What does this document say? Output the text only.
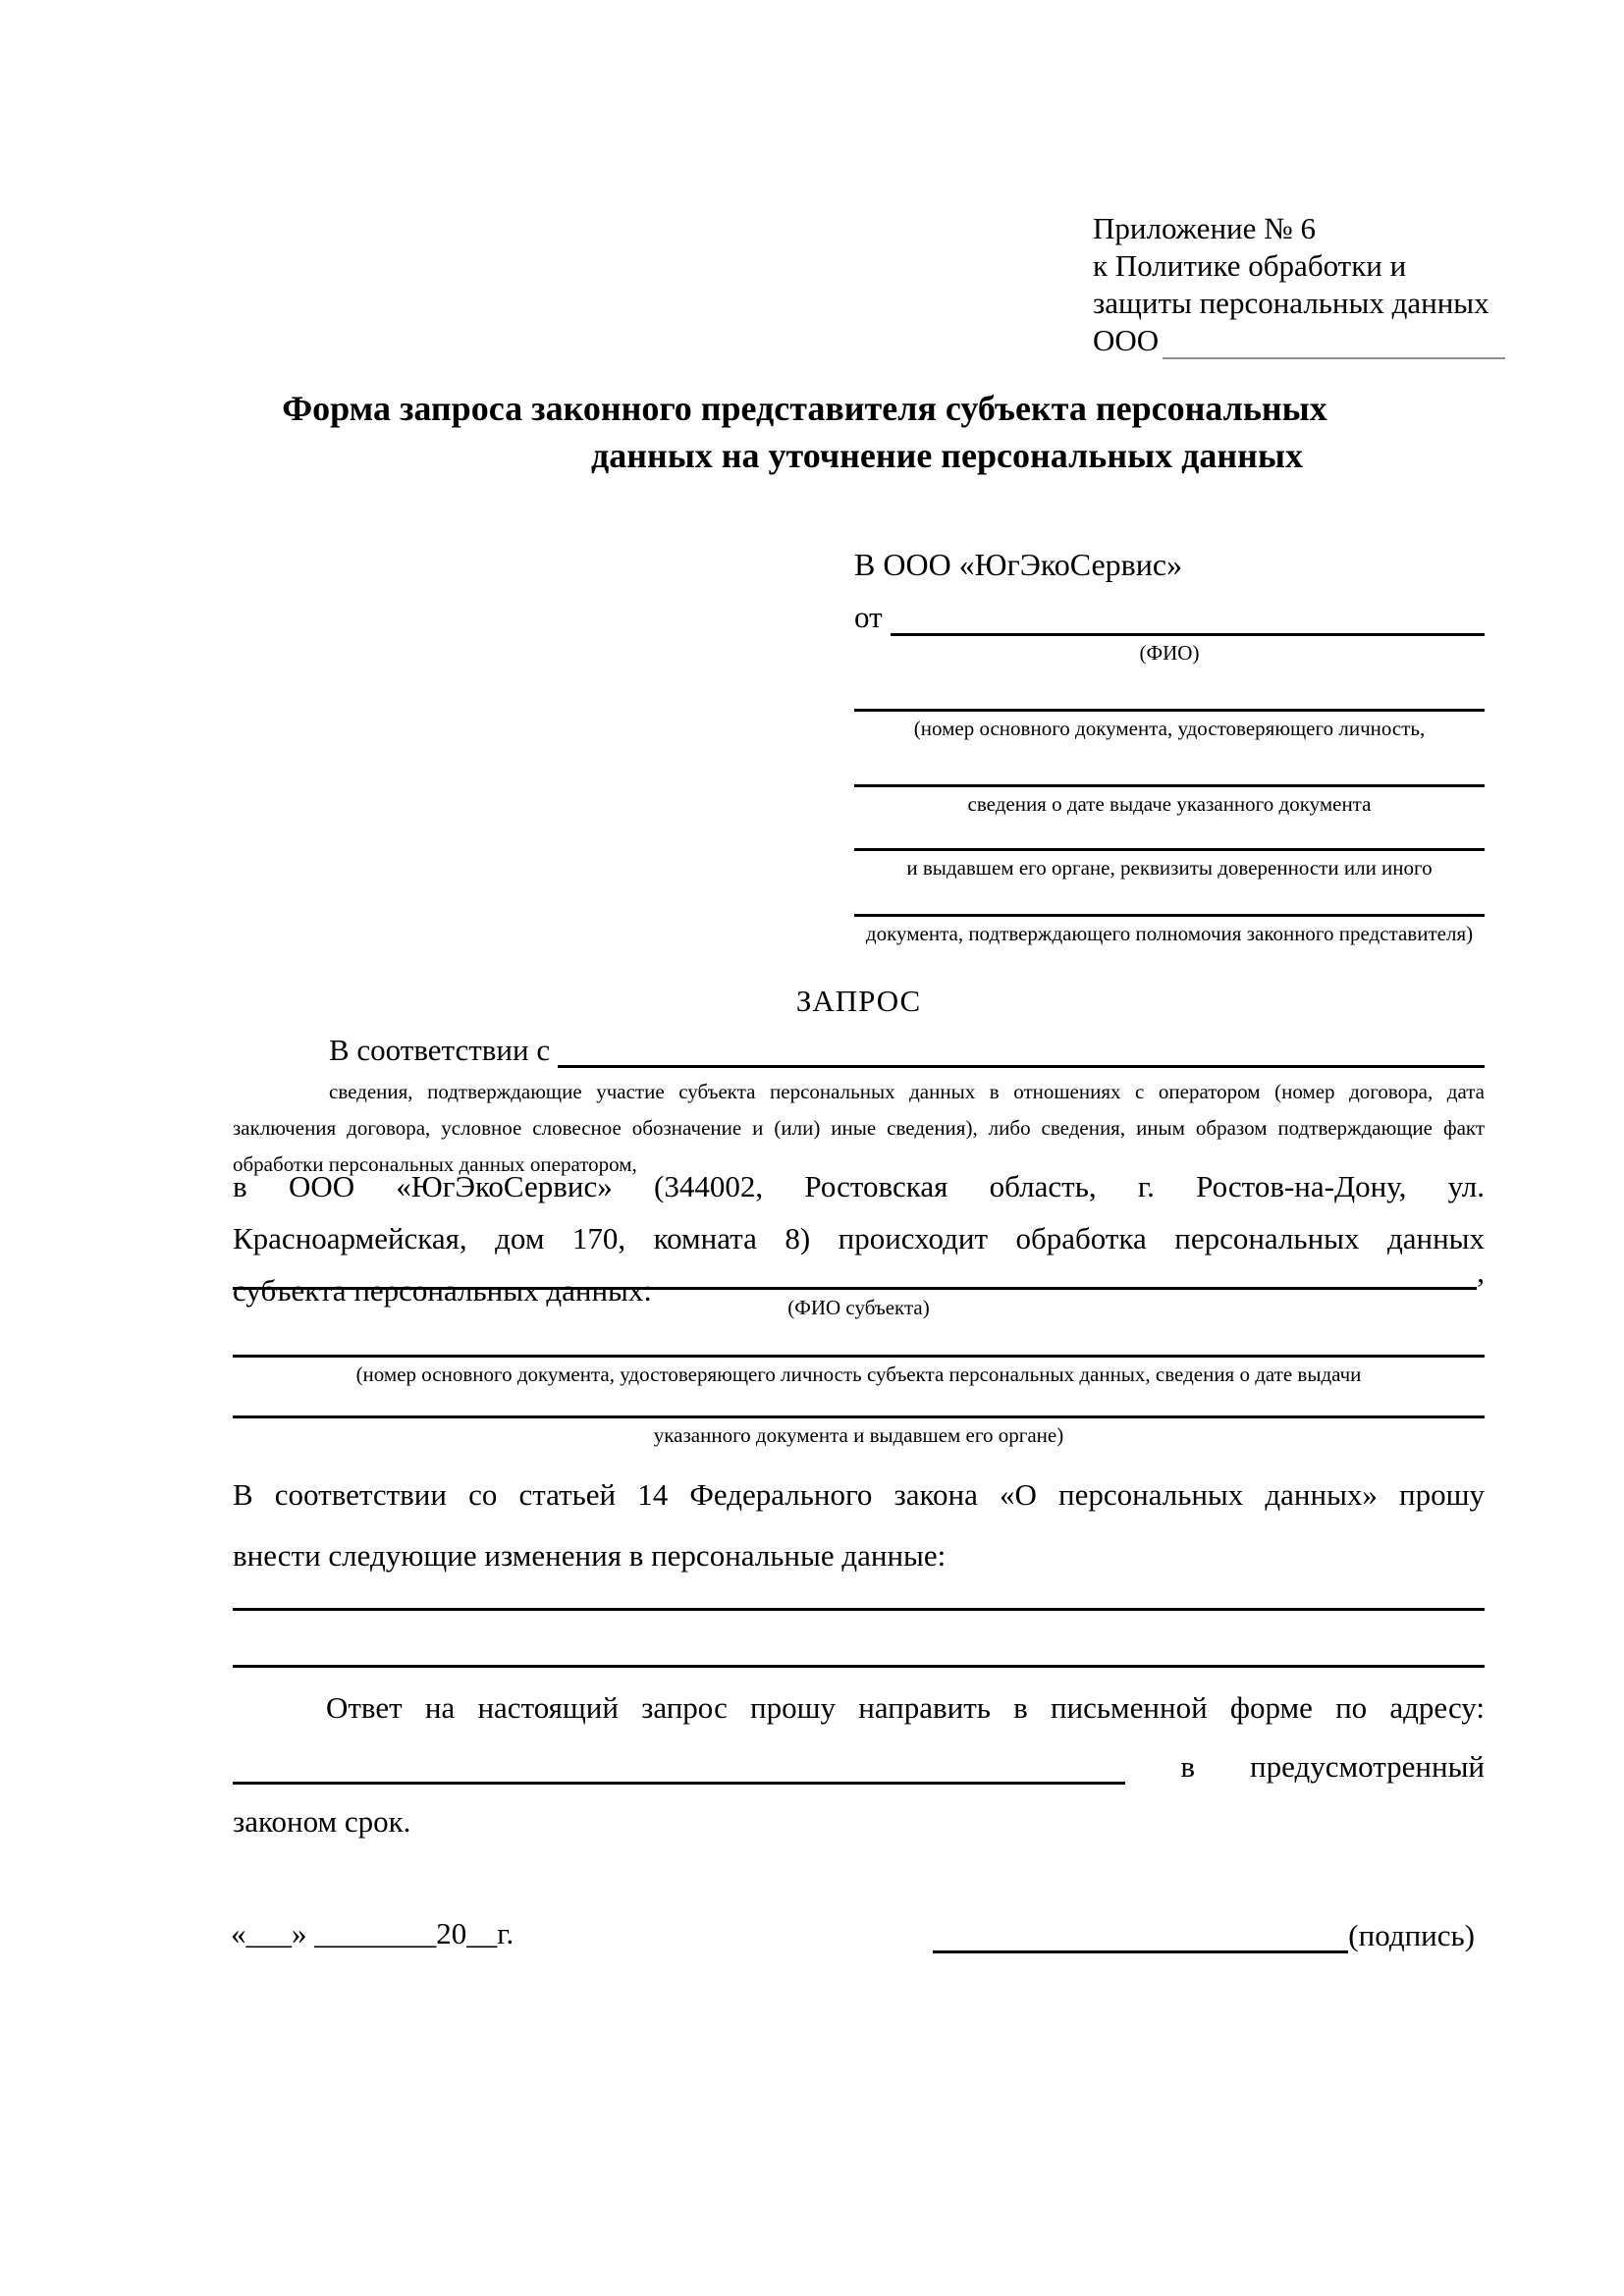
Приложение № 6
к Политике обработки и
защиты персональных данных
ООО
Форма запроса законного представителя субъекта персональных
данных на уточнение персональных данных
В ООО «ЮгЭкоСервис»
от
(ФИО)
(номер основного документа, удостоверяющего личность,
сведения о дате выдаче указанного документа
и выдавшем его органе, реквизиты доверенности или иного
документа, подтверждающего полномочия законного представителя)
ЗАПРОС
В соответствии с
сведения, подтверждающие участие субъекта персональных данных в отношениях с оператором (номер договора, дата
заключения договора, условное словесное обозначение и (или) иные сведения), либо сведения, иным образом подтверждающие факт
обработки персональных данных оператором,
в ООО «ЮгЭкоСервис» (344002, Ростовская область, г. Ростов-на-Дону, ул.
Красноармейская, дом 170, комната 8) происходит обработка персональных данных
субъекта персональных данных:
,
(ФИО субъекта)
(номер основного документа, удостоверяющего личность субъекта персональных данных, сведения о дате выдачи
указанного документа и выдавшем его органе)
В соответствии со статьей 14 Федерального закона «О персональных данных» прошу
внести следующие изменения в персональные данные:
Ответ на настоящий запрос прошу направить в письменной форме по адресу:
в предусмотренный
законом срок.
«___» ________20__г.	(подпись)
